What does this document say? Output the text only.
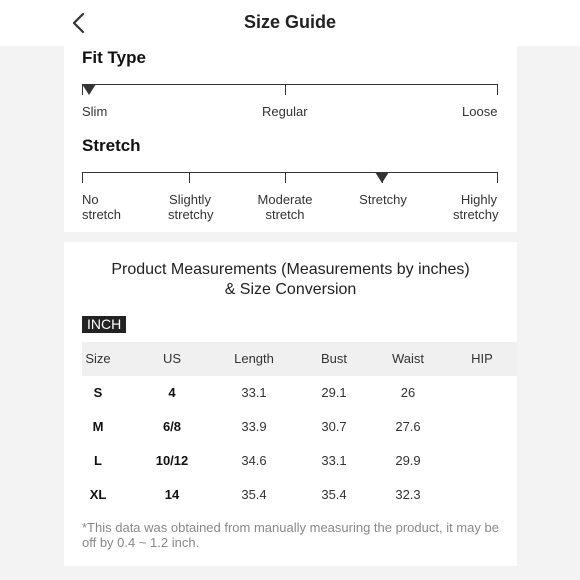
Size Guide
Fit Type
Slim	Regular	Loose
Stretch
No
stretch
Slightly
stretchy
Moderate
stretch
Stretchy	Highly
stretchy
Product Measurements (Measurements by inches) & Size Conversion
INCH
Size	US	Length	Bust	Waist	HIP
S	4	33.1	29.1	26
M	6/8	33.9	30.7	27.6
L	10/12	34.6	33.1	29.9
XL	14	35.4	35.4	32.3
*This data was obtained from manually measuring the product, it may be off by 0.4 ~ 1.2 inch.
